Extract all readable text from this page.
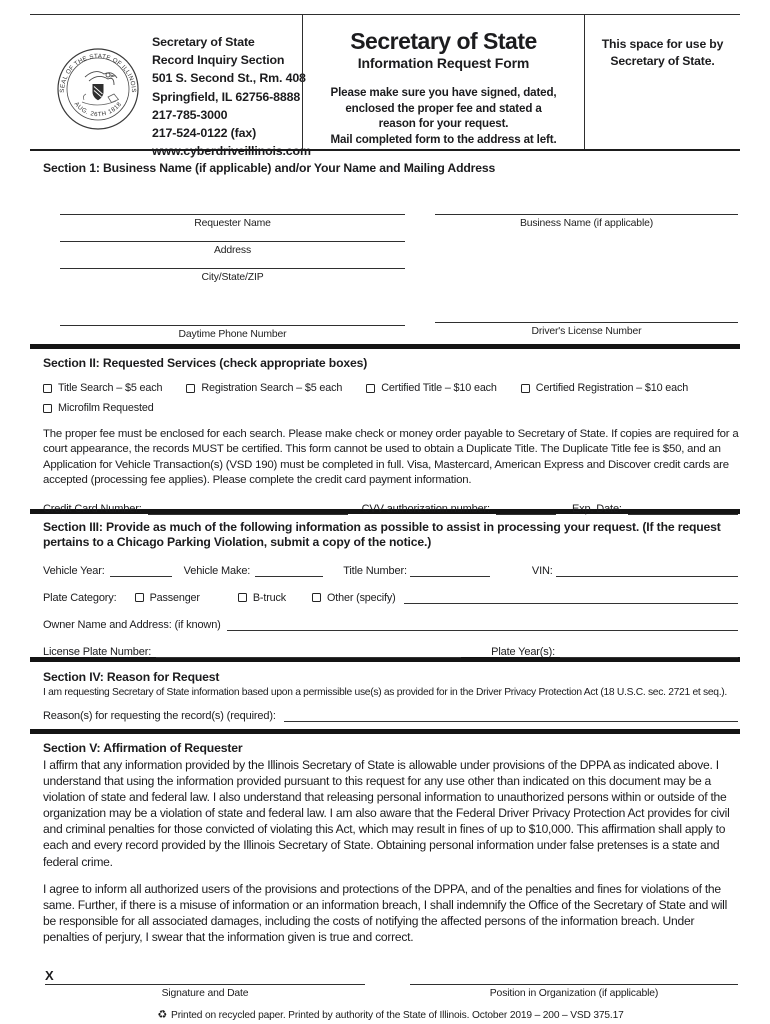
SEAL OF THE STATE OF ILLINOIS
AUG. 26TH 1818
Secretary of State
Record Inquiry Section
501 S. Second St., Rm. 408
Springfield, IL 62756-8888
217-785-3000
217-524-0122 (fax)
www.cyberdriveillinois.com
Secretary of State
Information Request Form
Please make sure you have signed, dated,
enclosed the proper fee and stated a
reason for your request.
Mail completed form to the address at left.
This space for use by
Secretary of State.
Section 1: Business Name (if applicable) and/or Your Name and Mailing Address
Requester Name
Address
City/State/ZIP
Business Name (if applicable)
Daytime Phone Number	Driver's License Number
Section II: Requested Services (check appropriate boxes)
Title Search – $5 each	Registration Search – $5 each	Certified Title – $10 each	Certified Registration – $10 each
Microfilm Requested
The proper fee must be enclosed for each search. Please make check or money order payable to Secretary of State. If copies are required for a court appearance, the records MUST be certified. This form cannot be used to obtain a Duplicate Title. The Duplicate Title fee is $50, and an Application for Vehicle Transaction(s) (VSD 190) must be completed in full. Visa, Mastercard, American Express and Discover credit cards are accepted (processing fee applies). Please complete the credit card payment information.
Credit Card Number:	CVV authorization number:	Exp. Date:
Section III: Provide as much of the following information as possible to assist in processing your request. (If the request pertains to a Chicago Parking Violation, submit a copy of the notice.)
Vehicle Year:	Vehicle Make:	Title Number:	VIN:
Plate Category:	Passenger	B-truck	Other (specify)
Owner Name and Address: (if known)
License Plate Number:	Plate Year(s):
Section IV: Reason for Request
I am requesting Secretary of State information based upon a permissible use(s) as provided for in the Driver Privacy Protection Act (18 U.S.C. sec. 2721 et seq.).
Reason(s) for requesting the record(s) (required):
Section V: Affirmation of Requester
I affirm that any information provided by the Illinois Secretary of State is allowable under provisions of the DPPA as indicated above. I understand that using the information provided pursuant to this request for any use other than indicated on this document may be a violation of state and federal law. I also understand that releasing personal information to unauthorized persons within or outside of the organization may be a violation of state and federal law. I am also aware that the Federal Driver Privacy Protection Act provides for civil and criminal penalties for those convicted of violating this Act, which may result in fines of up to $10,000. This affirmation shall apply to each and every record provided by the Illinois Secretary of State. Obtaining personal information under false pretenses is a state and federal crime.
I agree to inform all authorized users of the provisions and protections of the DPPA, and of the penalties and fines for violations of the same. Further, if there is a misuse of information or an information breach, I shall indemnify the Office of the Secretary of State and will be responsible for all associated damages, including the costs of notifying the affected persons of the information breach. Under penalties of perjury, I swear that the information given is true and correct.
X
Signature and Date	Position in Organization (if applicable)
♻ Printed on recycled paper. Printed by authority of the State of Illinois. October 2019 – 200 – VSD 375.17
